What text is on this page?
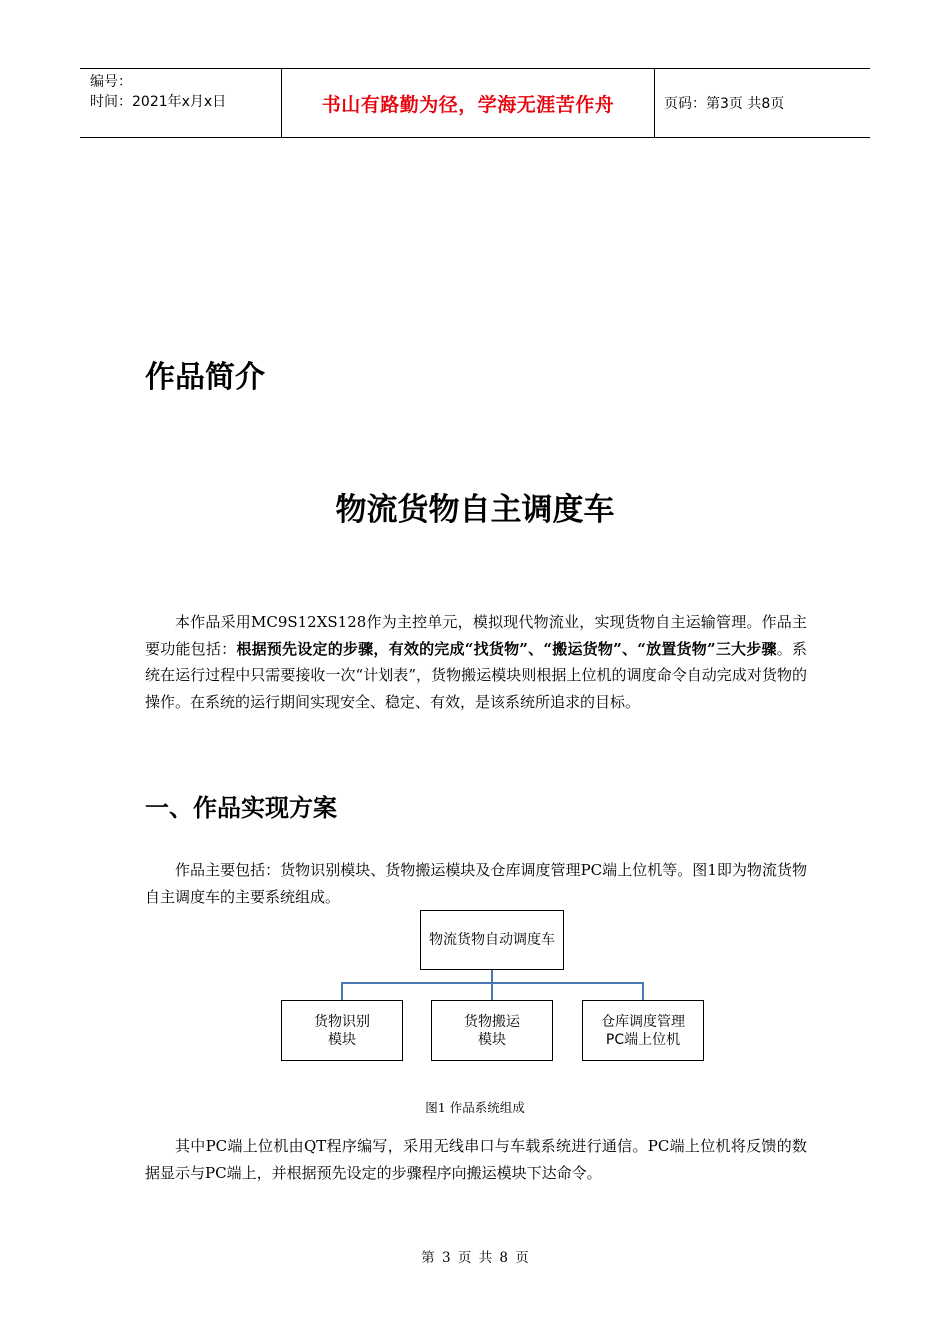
编号：
时间：2021年x月x日	书山有路勤为径，学海无涯苦作舟	页码：第3页 共8页
作品简介
物流货物自主调度车

本作品采用MC9S12XS128作为主控单元，模拟现代物流业，实现货物自主运输管理。作品主要功能包括：根据预先设定的步骤，有效的完成“找货物”、“搬运货物”、“放置货物”三大步骤。系统在运行过程中只需要接收一次“计划表”，货物搬运模块则根据上位机的调度命令自动完成对货物的操作。在系统的运行期间实现安全、稳定、有效，是该系统所追求的目标。

一、作品实现方案

作品主要包括：货物识别模块、货物搬运模块及仓库调度管理PC端上位机等。图1即为物流货物自主调度车的主要系统组成。

物流货物自动调度车
货物识别
模块
货物搬运
模块
仓库调度管理
PC端上位机
图1 作品系统组成

其中PC端上位机由QT程序编写，采用无线串口与车载系统进行通信。PC端上位机将反馈的数据显示与PC端上，并根据预先设定的步骤程序向搬运模块下达命令。

第 3 页 共 8 页
